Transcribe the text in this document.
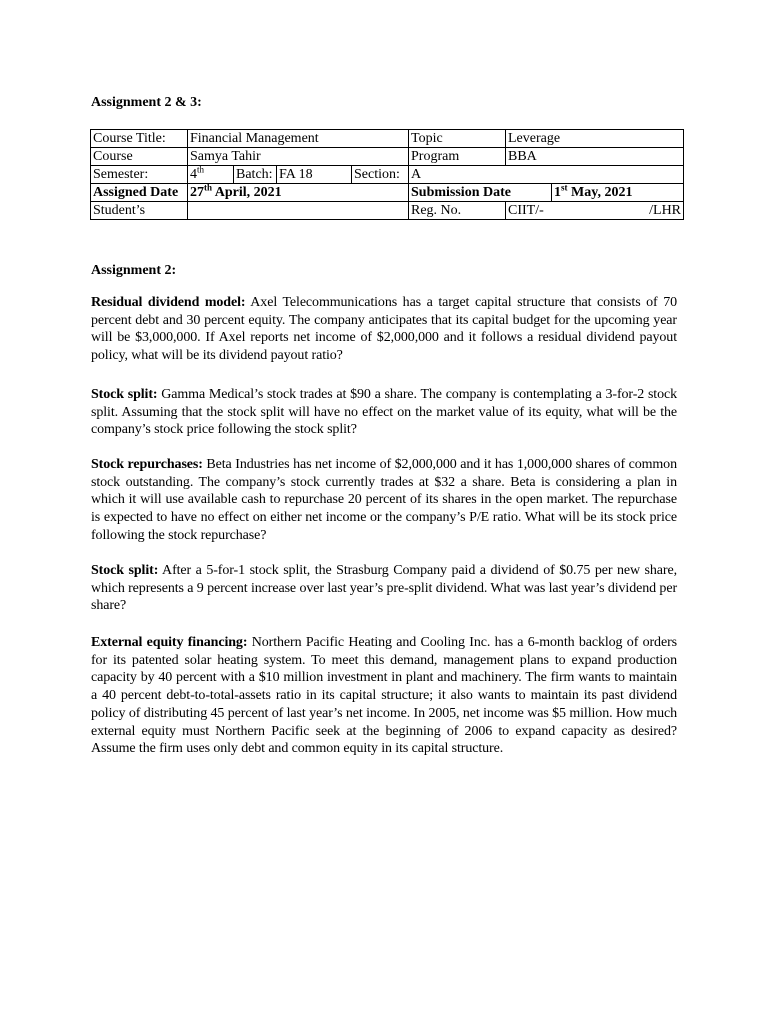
Assignment 2 & 3:
Course Title:	Financial Management				Topic	Leverage	
Course	Samya Tahir				Program	BBA	
Semester:	4th	Batch:	FA 18	Section:	A		
Assigned Date	27th April, 2021				Submission Date		1st May, 2021
Student’s					Reg. No.	CIIT/- /LHR	
Assignment 2:

Residual dividend model: Axel Telecommunications has a target capital structure that consists of 70 percent debt and 30 percent equity. The company anticipates that its capital budget for the upcoming year will be $3,000,000. If Axel reports net income of $2,000,000 and it follows a residual dividend payout policy, what will be its dividend payout ratio?

Stock split: Gamma Medical’s stock trades at $90 a share. The company is contemplating a 3-for-2 stock split. Assuming that the stock split will have no effect on the market value of its equity, what will be the company’s stock price following the stock split?

Stock repurchases: Beta Industries has net income of $2,000,000 and it has 1,000,000 shares of common stock outstanding. The company’s stock currently trades at $32 a share. Beta is considering a plan in which it will use available cash to repurchase 20 percent of its shares in the open market. The repurchase is expected to have no effect on either net income or the company’s P/E ratio. What will be its stock price following the stock repurchase?

Stock split: After a 5-for-1 stock split, the Strasburg Company paid a dividend of $0.75 per new share, which represents a 9 percent increase over last year’s pre-split dividend. What was last year’s dividend per share?

External equity financing: Northern Pacific Heating and Cooling Inc. has a 6-month backlog of orders for its patented solar heating system. To meet this demand, management plans to expand production capacity by 40 percent with a $10 million investment in plant and machinery. The firm wants to maintain a 40 percent debt-to-total-assets ratio in its capital structure; it also wants to maintain its past dividend policy of distributing 45 percent of last year’s net income. In 2005, net income was $5 million. How much external equity must Northern Pacific seek at the beginning of 2006 to expand capacity as desired? Assume the firm uses only debt and common equity in its capital structure.
